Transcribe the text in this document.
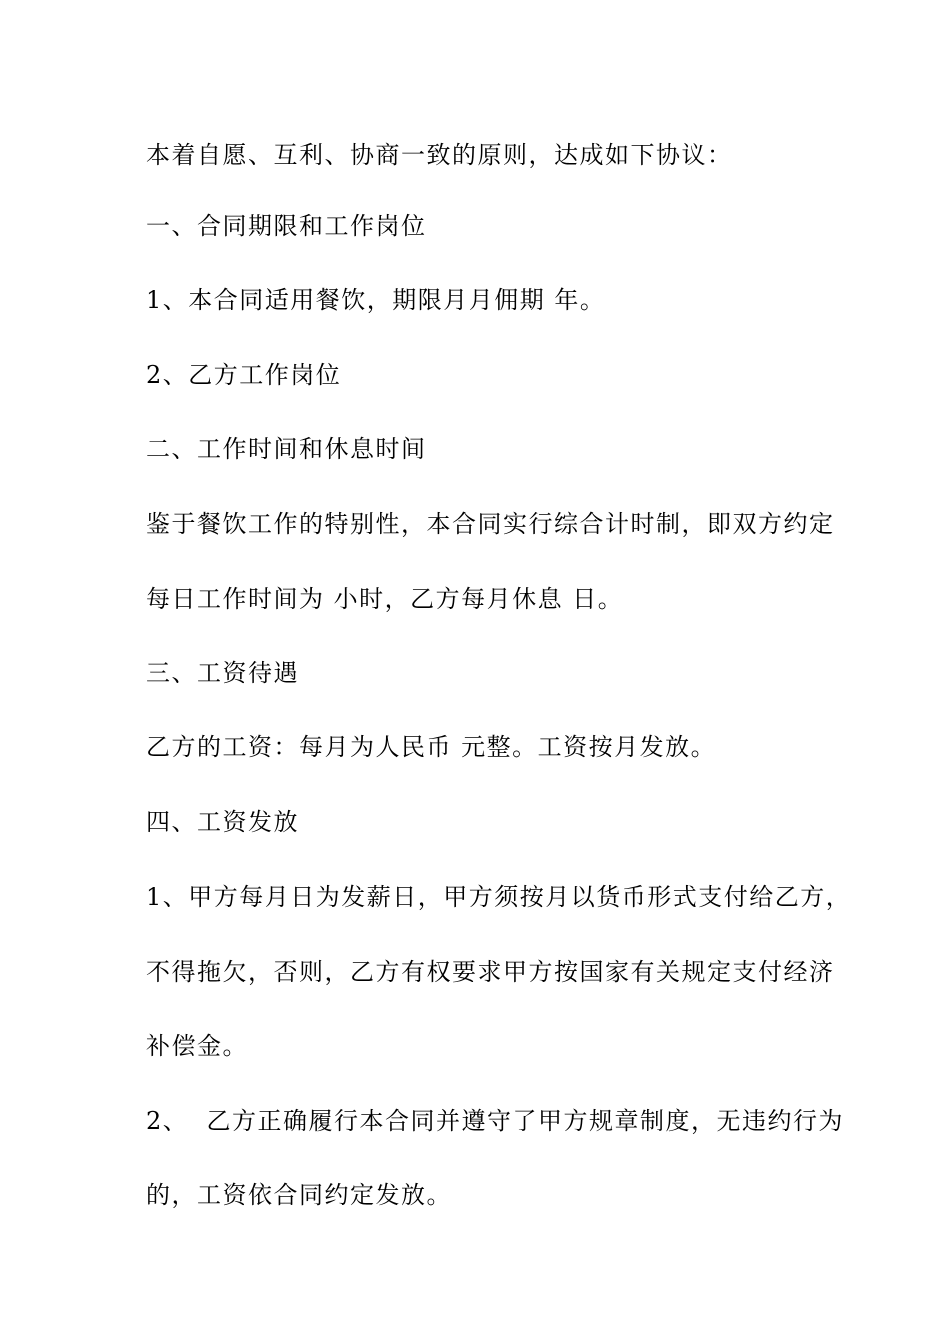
本着自愿、互利、协商一致的原则，达成如下协议：
一、合同期限和工作岗位
1、本合同适用餐饮，期限月月佣期 年。
2、乙方工作岗位
二、工作时间和休息时间
鉴于餐饮工作的特别性，本合同实行综合计时制，即双方约定
每日工作时间为 小时，乙方每月休息 日。
三、工资待遇
乙方的工资：每月为人民币 元整。工资按月发放。
四、工资发放
1、甲方每月日为发薪日，甲方须按月以货币形式支付给乙方，
不得拖欠，否则，乙方有权要求甲方按国家有关规定支付经济
补偿金。
2、  乙方正确履行本合同并遵守了甲方规章制度，无违约行为
的，工资依合同约定发放。
